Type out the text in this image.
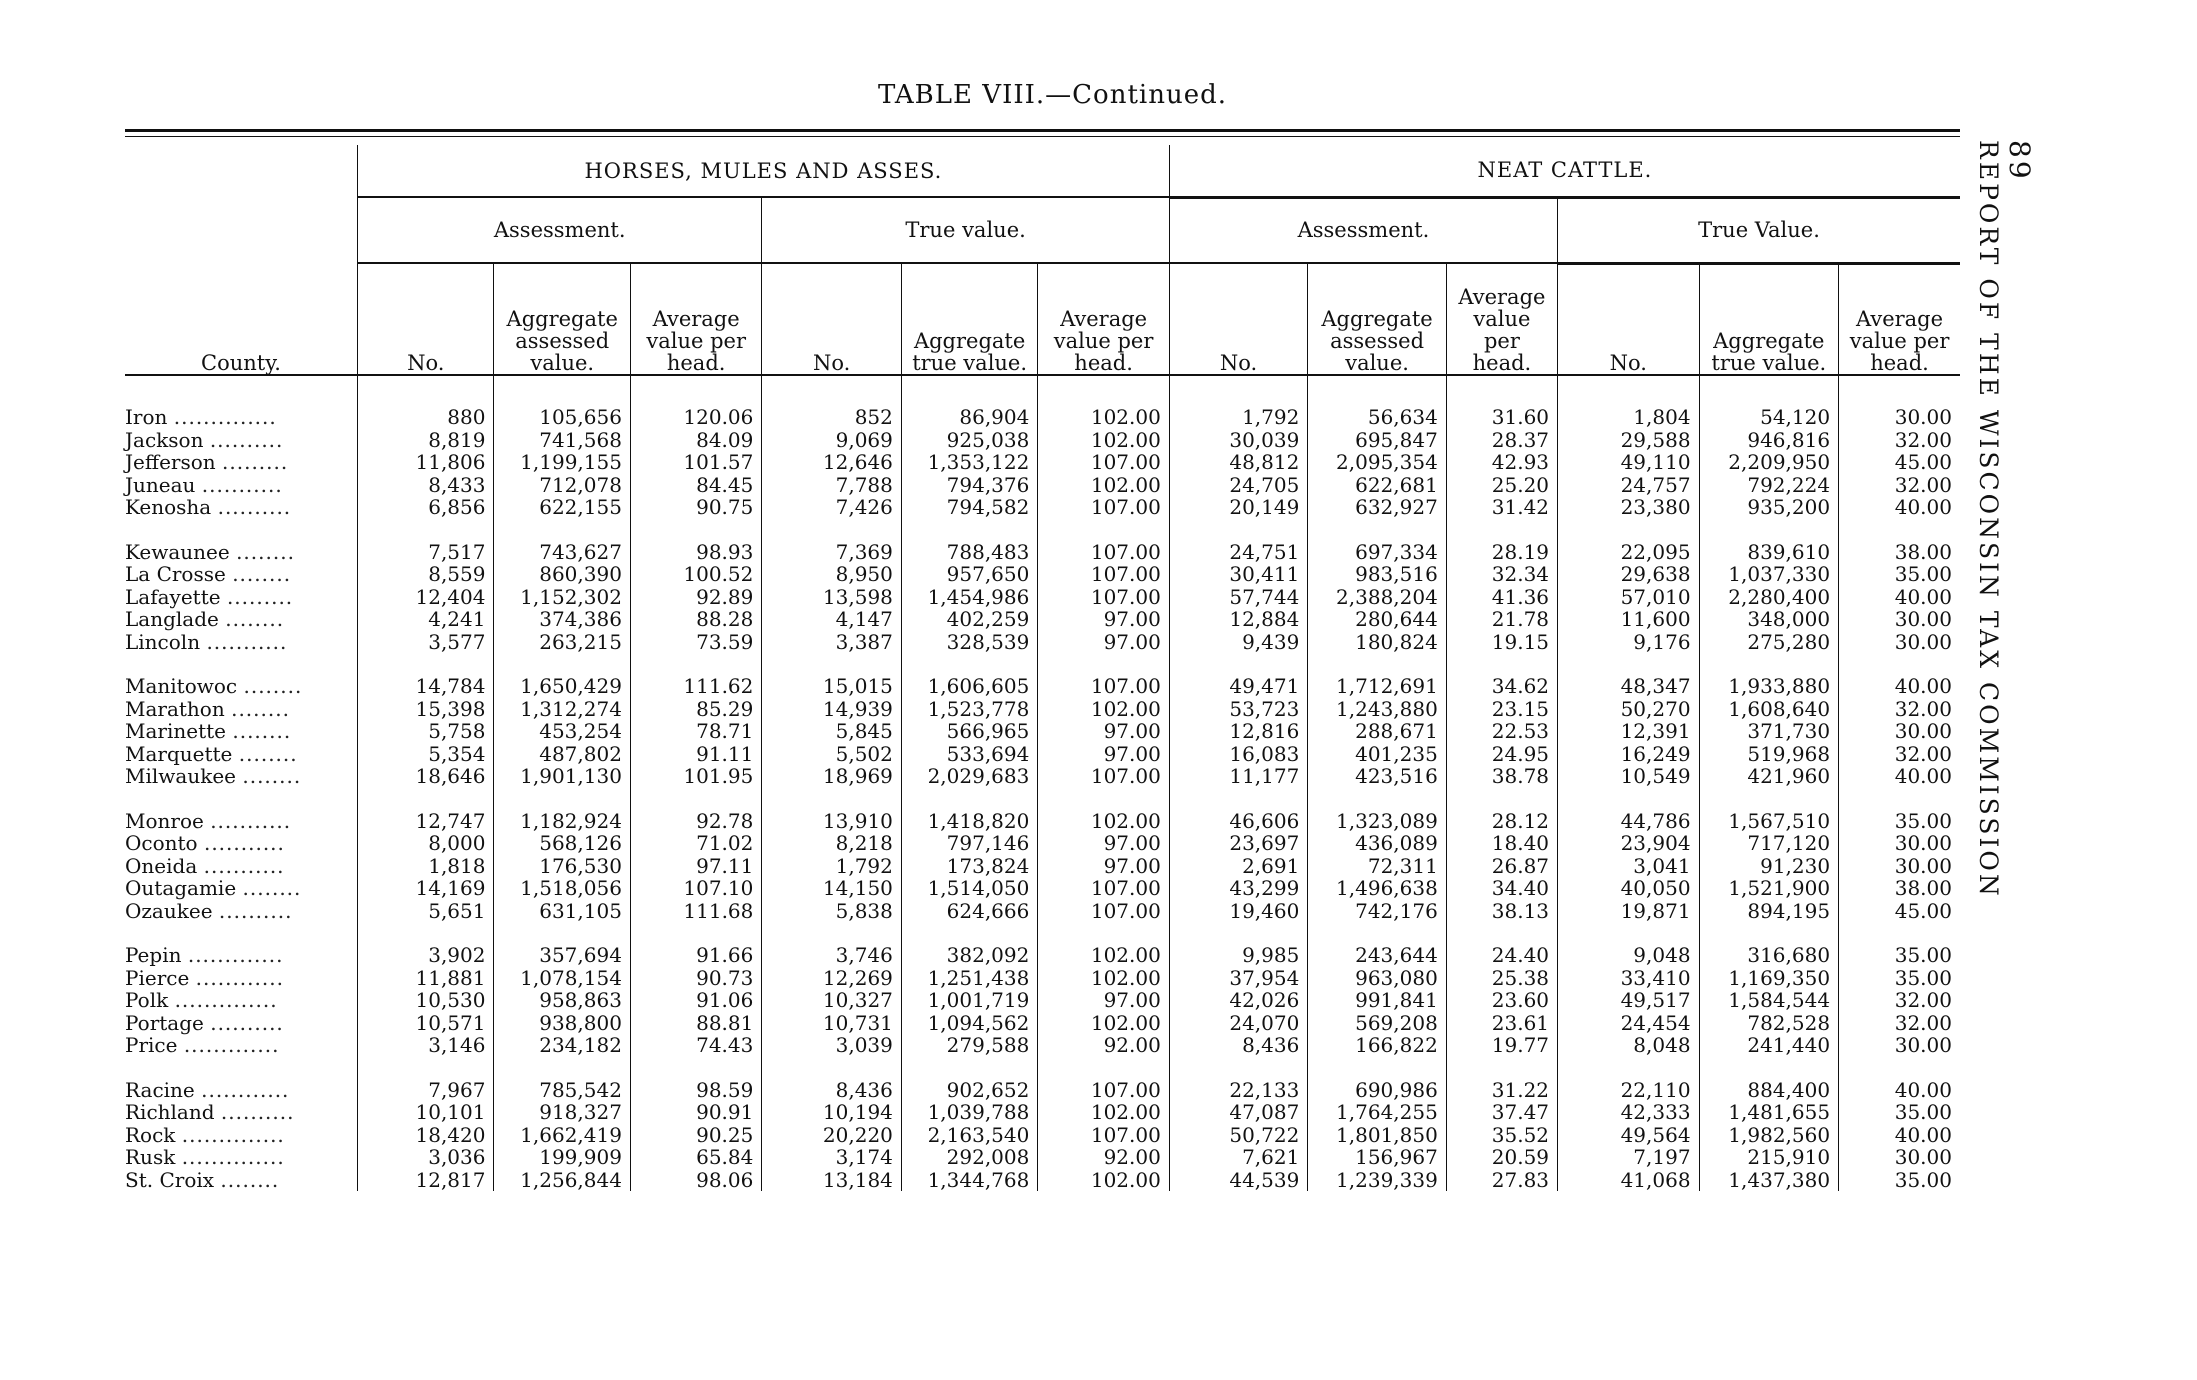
TABLE VIII.—Continued.
89
REPORT OF THE WISCONSIN TAX COMMISSION
	HORSES, MULES AND ASSES.						NEAT CATTLE.					
	Assessment.			True value.			Assessment.			True Value.		
County.	No.	Aggregate assessed value.	Average value per head.	No.	Aggregate true value.	Average value per head.	No.	Aggregate assessed value.	Average value per head.	No.	Aggregate true value.	Average value per head.
Iron ..............	880	105,656	120.06	852	86,904	102.00	1,792	56,634	31.60	1,804	54,120	30.00
Jackson ..........	8,819	741,568	84.09	9,069	925,038	102.00	30,039	695,847	28.37	29,588	946,816	32.00
Jefferson .........	11,806	1,199,155	101.57	12,646	1,353,122	107.00	48,812	2,095,354	42.93	49,110	2,209,950	45.00
Juneau ...........	8,433	712,078	84.45	7,788	794,376	102.00	24,705	622,681	25.20	24,757	792,224	32.00
Kenosha ..........	6,856	622,155	90.75	7,426	794,582	107.00	20,149	632,927	31.42	23,380	935,200	40.00

Kewaunee ........	7,517	743,627	98.93	7,369	788,483	107.00	24,751	697,334	28.19	22,095	839,610	38.00
La Crosse ........	8,559	860,390	100.52	8,950	957,650	107.00	30,411	983,516	32.34	29,638	1,037,330	35.00
Lafayette .........	12,404	1,152,302	92.89	13,598	1,454,986	107.00	57,744	2,388,204	41.36	57,010	2,280,400	40.00
Langlade ........	4,241	374,386	88.28	4,147	402,259	97.00	12,884	280,644	21.78	11,600	348,000	30.00
Lincoln ...........	3,577	263,215	73.59	3,387	328,539	97.00	9,439	180,824	19.15	9,176	275,280	30.00

Manitowoc ........	14,784	1,650,429	111.62	15,015	1,606,605	107.00	49,471	1,712,691	34.62	48,347	1,933,880	40.00
Marathon ........	15,398	1,312,274	85.29	14,939	1,523,778	102.00	53,723	1,243,880	23.15	50,270	1,608,640	32.00
Marinette ........	5,758	453,254	78.71	5,845	566,965	97.00	12,816	288,671	22.53	12,391	371,730	30.00
Marquette ........	5,354	487,802	91.11	5,502	533,694	97.00	16,083	401,235	24.95	16,249	519,968	32.00
Milwaukee ........	18,646	1,901,130	101.95	18,969	2,029,683	107.00	11,177	423,516	38.78	10,549	421,960	40.00

Monroe ...........	12,747	1,182,924	92.78	13,910	1,418,820	102.00	46,606	1,323,089	28.12	44,786	1,567,510	35.00
Oconto ...........	8,000	568,126	71.02	8,218	797,146	97.00	23,697	436,089	18.40	23,904	717,120	30.00
Oneida ...........	1,818	176,530	97.11	1,792	173,824	97.00	2,691	72,311	26.87	3,041	91,230	30.00
Outagamie ........	14,169	1,518,056	107.10	14,150	1,514,050	107.00	43,299	1,496,638	34.40	40,050	1,521,900	38.00
Ozaukee ..........	5,651	631,105	111.68	5,838	624,666	107.00	19,460	742,176	38.13	19,871	894,195	45.00

Pepin .............	3,902	357,694	91.66	3,746	382,092	102.00	9,985	243,644	24.40	9,048	316,680	35.00
Pierce ............	11,881	1,078,154	90.73	12,269	1,251,438	102.00	37,954	963,080	25.38	33,410	1,169,350	35.00
Polk ..............	10,530	958,863	91.06	10,327	1,001,719	97.00	42,026	991,841	23.60	49,517	1,584,544	32.00
Portage ..........	10,571	938,800	88.81	10,731	1,094,562	102.00	24,070	569,208	23.61	24,454	782,528	32.00
Price .............	3,146	234,182	74.43	3,039	279,588	92.00	8,436	166,822	19.77	8,048	241,440	30.00

Racine ............	7,967	785,542	98.59	8,436	902,652	107.00	22,133	690,986	31.22	22,110	884,400	40.00
Richland ..........	10,101	918,327	90.91	10,194	1,039,788	102.00	47,087	1,764,255	37.47	42,333	1,481,655	35.00
Rock ..............	18,420	1,662,419	90.25	20,220	2,163,540	107.00	50,722	1,801,850	35.52	49,564	1,982,560	40.00
Rusk ..............	3,036	199,909	65.84	3,174	292,008	92.00	7,621	156,967	20.59	7,197	215,910	30.00
St. Croix ........	12,817	1,256,844	98.06	13,184	1,344,768	102.00	44,539	1,239,339	27.83	41,068	1,437,380	35.00
